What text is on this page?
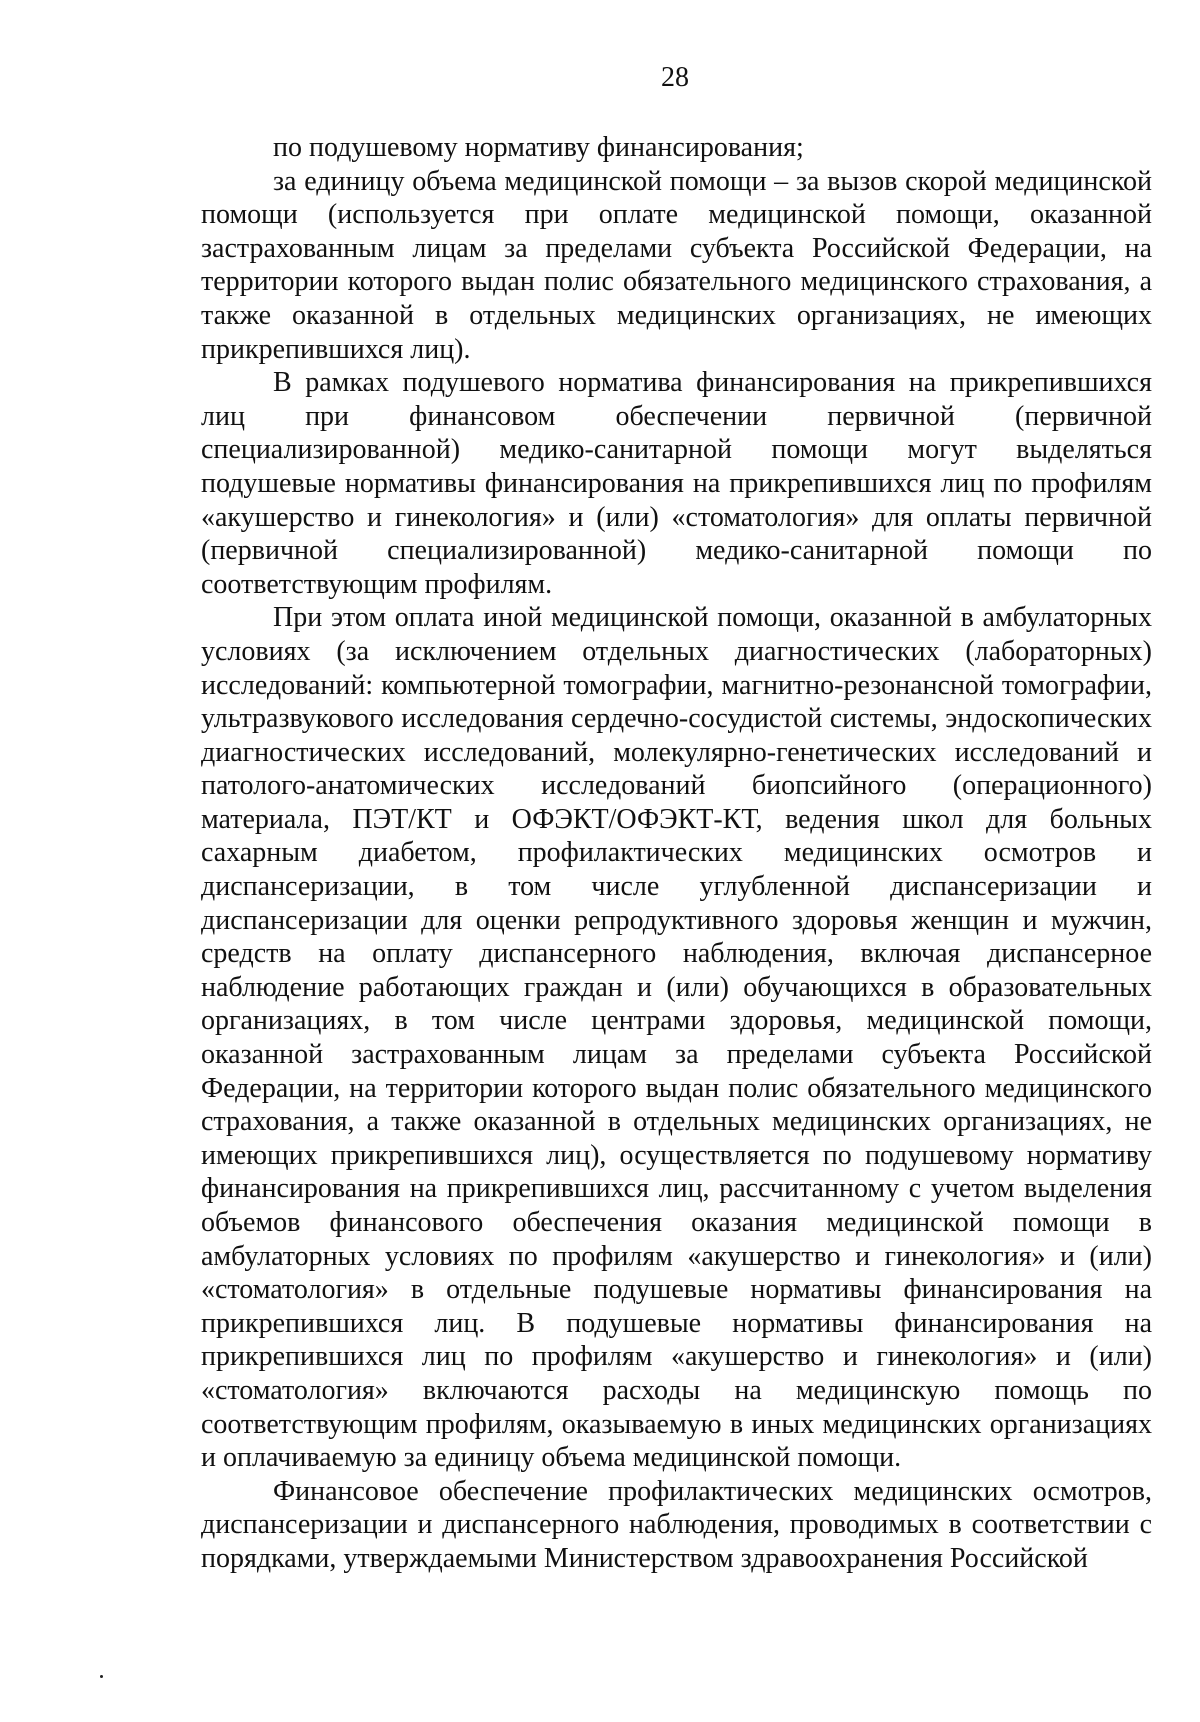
28

по подушевому нормативу финансирования;

за единицу объема медицинской помощи – за вызов скорой медицинской помощи (используется при оплате медицинской помощи, оказанной застрахованным лицам за пределами субъекта Российской Федерации, на территории которого выдан полис обязательного медицинского страхования, а также оказанной в отдельных медицинских организациях, не имеющих прикрепившихся лиц).

В рамках подушевого норматива финансирования на прикрепившихся лиц при финансовом обеспечении первичной (первичной специализированной) медико-санитарной помощи могут выделяться подушевые нормативы финансирования на прикрепившихся лиц по профилям «акушерство и гинекология» и (или) «стоматология» для оплаты первичной (первичной специализированной) медико-санитарной помощи по соответствующим профилям.

При этом оплата иной медицинской помощи, оказанной в амбулаторных условиях (за исключением отдельных диагностических (лабораторных) исследований: компьютерной томографии, магнитно-резонансной томографии, ультразвукового исследования сердечно-сосудистой системы, эндоскопических диагностических исследований, молекулярно-генетических исследований и патолого-анатомических исследований биопсийного (операционного) материала, ПЭТ/КТ и ОФЭКТ/ОФЭКТ-КТ, ведения школ для больных сахарным диабетом, профилактических медицинских осмотров и диспансеризации, в том числе углубленной диспансеризации и диспансеризации для оценки репродуктивного здоровья женщин и мужчин, средств на оплату диспансерного наблюдения, включая диспансерное наблюдение работающих граждан и (или) обучающихся в образовательных организациях, в том числе центрами здоровья, медицинской помощи, оказанной застрахованным лицам за пределами субъекта Российской Федерации, на территории которого выдан полис обязательного медицинского страхования, а также оказанной в отдельных медицинских организациях, не имеющих прикрепившихся лиц), осуществляется по подушевому нормативу финансирования на прикрепившихся лиц, рассчитанному с учетом выделения объемов финансового обеспечения оказания медицинской помощи в амбулаторных условиях по профилям «акушерство и гинекология» и (или) «стоматология» в отдельные подушевые нормативы финансирования на прикрепившихся лиц. В подушевые нормативы финансирования на прикрепившихся лиц по профилям «акушерство и гинекология» и (или) «стоматология» включаются расходы на медицинскую помощь по соответствующим профилям, оказываемую в иных медицинских организациях и оплачиваемую за единицу объема медицинской помощи.

Финансовое обеспечение профилактических медицинских осмотров, диспансеризации и диспансерного наблюдения, проводимых в соответствии с порядками, утверждаемыми Министерством здравоохранения Российской
